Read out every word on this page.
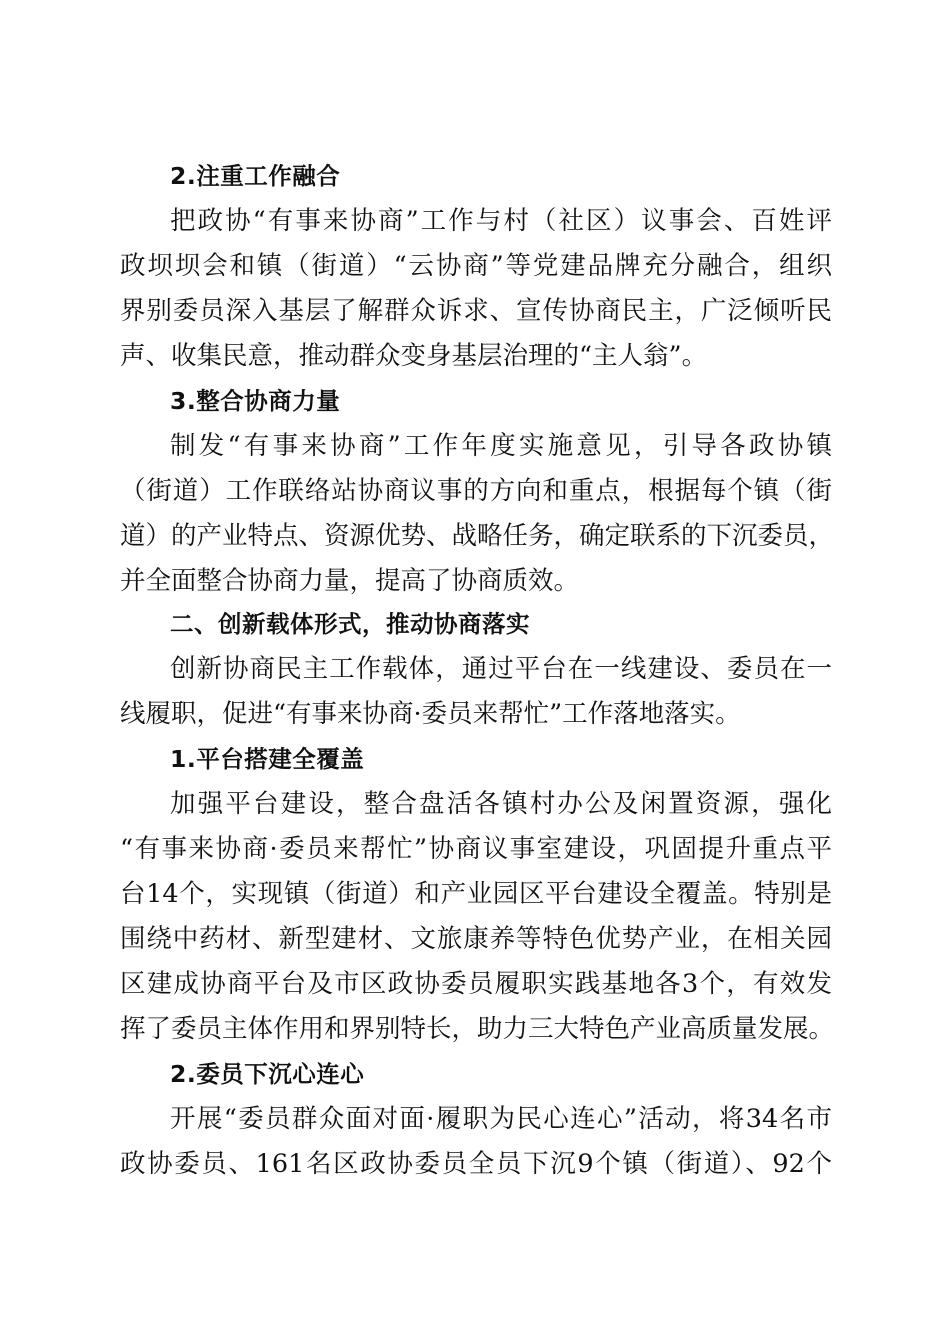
2.注重工作融合
把政协“有事来协商”工作与村（社区）议事会、百姓评
政坝坝会和镇（街道）“云协商”等党建品牌充分融合，组织
界别委员深入基层了解群众诉求、宣传协商民主，广泛倾听民
声、收集民意，推动群众变身基层治理的“主人翁”。
3.整合协商力量
制发“有事来协商”工作年度实施意见，引导各政协镇
（街道）工作联络站协商议事的方向和重点，根据每个镇（街
道）的产业特点、资源优势、战略任务，确定联系的下沉委员，
并全面整合协商力量，提高了协商质效。
二、创新载体形式，推动协商落实
创新协商民主工作载体，通过平台在一线建设、委员在一
线履职，促进“有事来协商·委员来帮忙”工作落地落实。
1.平台搭建全覆盖
加强平台建设，整合盘活各镇村办公及闲置资源，强化
“有事来协商·委员来帮忙”协商议事室建设，巩固提升重点平
台14个，实现镇（街道）和产业园区平台建设全覆盖。特别是
围绕中药材、新型建材、文旅康养等特色优势产业，在相关园
区建成协商平台及市区政协委员履职实践基地各3个，有效发
挥了委员主体作用和界别特长，助力三大特色产业高质量发展。
2.委员下沉心连心
开展“委员群众面对面·履职为民心连心”活动，将34名市
政协委员、161名区政协委员全员下沉9个镇（街道）、92个
